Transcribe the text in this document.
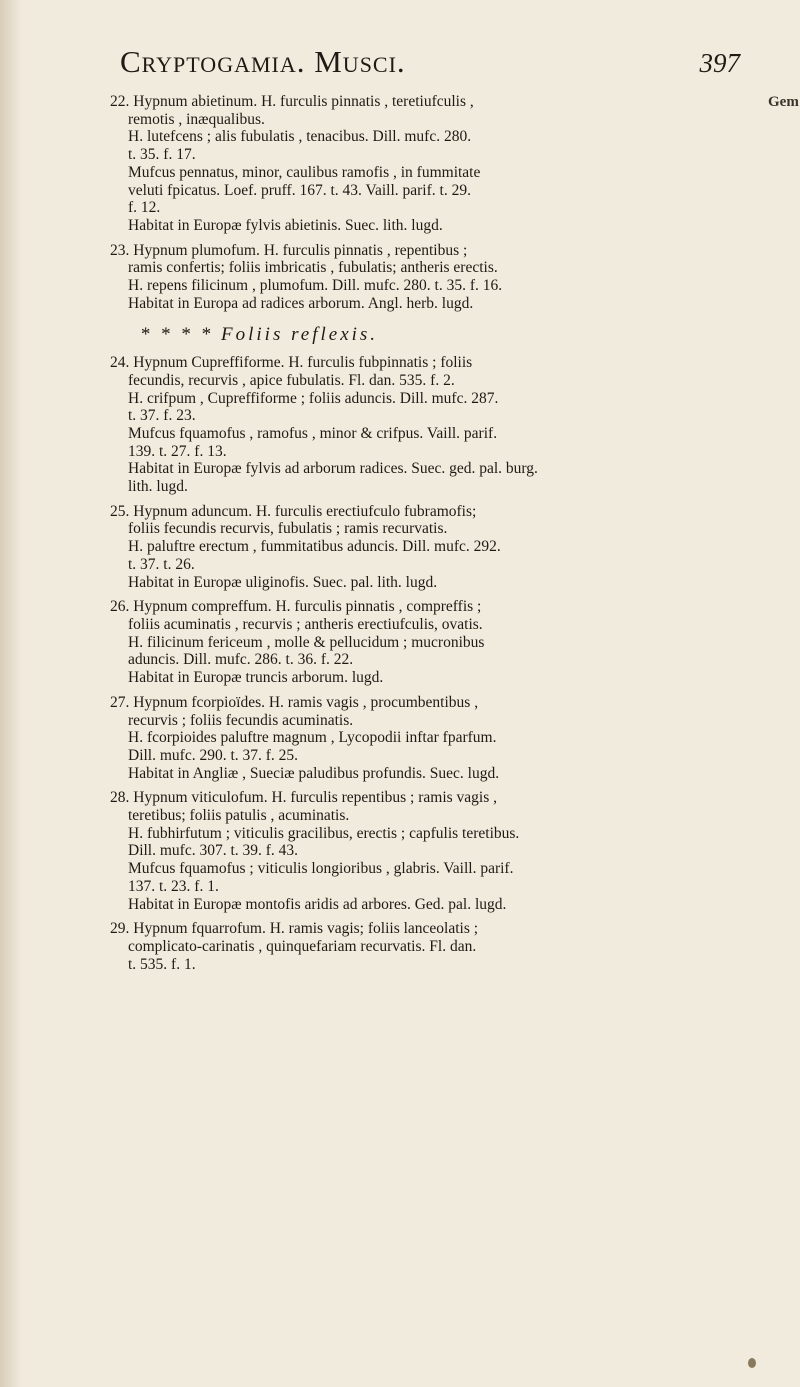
Cryptogamia. Musci.	397
Gem
22. Hypnum abietinum. H. furculis pinnatis , teretiufculis ,
remotis , inæqualibus.
H. lutefcens ; alis fubulatis , tenacibus. Dill. mufc. 280.
t. 35. f. 17.
Mufcus pennatus, minor, caulibus ramofis , in fummitate
veluti fpicatus. Loef. pruff. 167. t. 43. Vaill. parif. t. 29.
f. 12.
Habitat in Europæ fylvis abietinis. Suec. lith. lugd.
23. Hypnum plumofum. H. furculis pinnatis , repentibus ;
ramis confertis; foliis imbricatis , fubulatis; antheris erectis.
H. repens filicinum , plumofum. Dill. mufc. 280. t. 35. f. 16.
Habitat in Europa ad radices arborum. Angl. herb. lugd.
* * * * Foliis reflexis.
24. Hypnum Cupreffiforme. H. furculis fubpinnatis ; foliis
fecundis, recurvis , apice fubulatis. Fl. dan. 535. f. 2.
H. crifpum , Cupreffiforme ; foliis aduncis. Dill. mufc. 287.
t. 37. f. 23.
Mufcus fquamofus , ramofus , minor & crifpus. Vaill. parif.
139. t. 27. f. 13.
Habitat in Europæ fylvis ad arborum radices. Suec. ged. pal. burg.
lith. lugd.
25. Hypnum aduncum. H. furculis erectiufculo fubramofis;
foliis fecundis recurvis, fubulatis ; ramis recurvatis.
H. paluftre erectum , fummitatibus aduncis. Dill. mufc. 292.
t. 37. t. 26.
Habitat in Europæ uliginofis. Suec. pal. lith. lugd.
26. Hypnum compreffum. H. furculis pinnatis , compreffis ;
foliis acuminatis , recurvis ; antheris erectiufculis, ovatis.
H. filicinum fericeum , molle & pellucidum ; mucronibus
aduncis. Dill. mufc. 286. t. 36. f. 22.
Habitat in Europæ truncis arborum. lugd.
27. Hypnum fcorpioïdes. H. ramis vagis , procumbentibus ,
recurvis ; foliis fecundis acuminatis.
H. fcorpioides paluftre magnum , Lycopodii inftar fparfum.
Dill. mufc. 290. t. 37. f. 25.
Habitat in Angliæ , Sueciæ paludibus profundis. Suec. lugd.
28. Hypnum viticulofum. H. furculis repentibus ; ramis vagis ,
teretibus; foliis patulis , acuminatis.
H. fubhirfutum ; viticulis gracilibus, erectis ; capfulis teretibus.
Dill. mufc. 307. t. 39. f. 43.
Mufcus fquamofus ; viticulis longioribus , glabris. Vaill. parif.
137. t. 23. f. 1.
Habitat in Europæ montofis aridis ad arbores. Ged. pal. lugd.
29. Hypnum fquarrofum. H. ramis vagis; foliis lanceolatis ;
complicato-carinatis , quinquefariam recurvatis. Fl. dan.
t. 535. f. 1.
